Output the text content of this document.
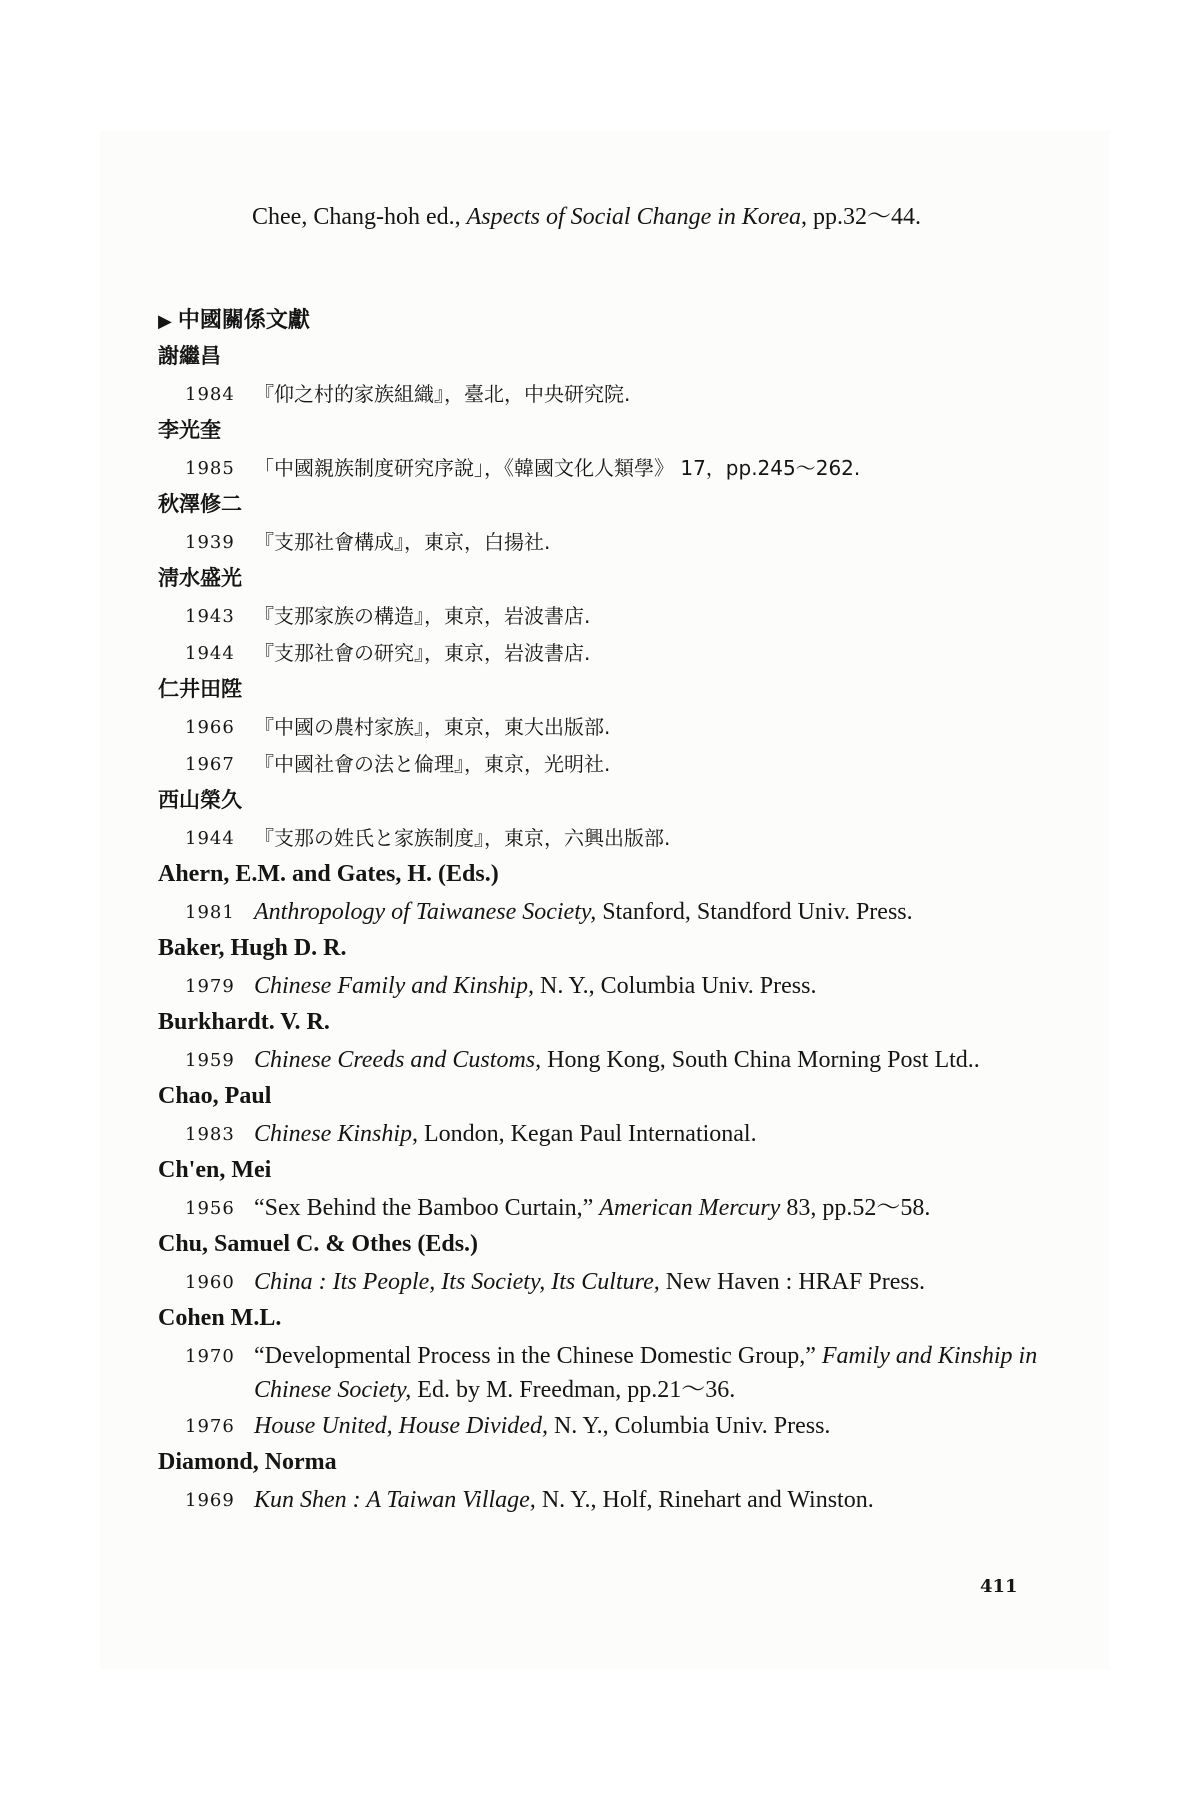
Chee, Chang-hoh ed., Aspects of Social Change in Korea, pp.32～44.
▶ 中國關係文獻
謝繼昌
1984 『仰之村的家族組織』，臺北，中央研究院.
李光奎
1985 「中國親族制度研究序說」，《韓國文化人類學》 17，pp.245～262.
秋澤修二
1939 『支那社會構成』，東京，白揚社.
淸水盛光
1943 『支那家族の構造』，東京，岩波書店.
1944 『支那社會の研究』，東京，岩波書店.
仁井田陞
1966 『中國の農村家族』，東京，東大出版部.
1967 『中國社會の法と倫理』，東京，光明社.
西山榮久
1944 『支那の姓氏と家族制度』，東京，六興出版部.
Ahern, E.M. and Gates, H. (Eds.)
1981 Anthropology of Taiwanese Society, Stanford, Standford Univ. Press.
Baker, Hugh D. R.
1979 Chinese Family and Kinship, N. Y., Columbia Univ. Press.
Burkhardt. V. R.
1959 Chinese Creeds and Customs, Hong Kong, South China Morning Post Ltd..
Chao, Paul
1983 Chinese Kinship, London, Kegan Paul International.
Ch'en, Mei
1956 “Sex Behind the Bamboo Curtain,” American Mercury 83, pp.52～58.
Chu, Samuel C. & Othes (Eds.)
1960 China : Its People, Its Society, Its Culture, New Haven : HRAF Press.
Cohen M.L.
1970 “Developmental Process in the Chinese Domestic Group,” Family and Kinship in Chinese Society, Ed. by M. Freedman, pp.21～36.
1976 House United, House Divided, N. Y., Columbia Univ. Press.
Diamond, Norma
1969 Kun Shen : A Taiwan Village, N. Y., Holf, Rinehart and Winston.
411
